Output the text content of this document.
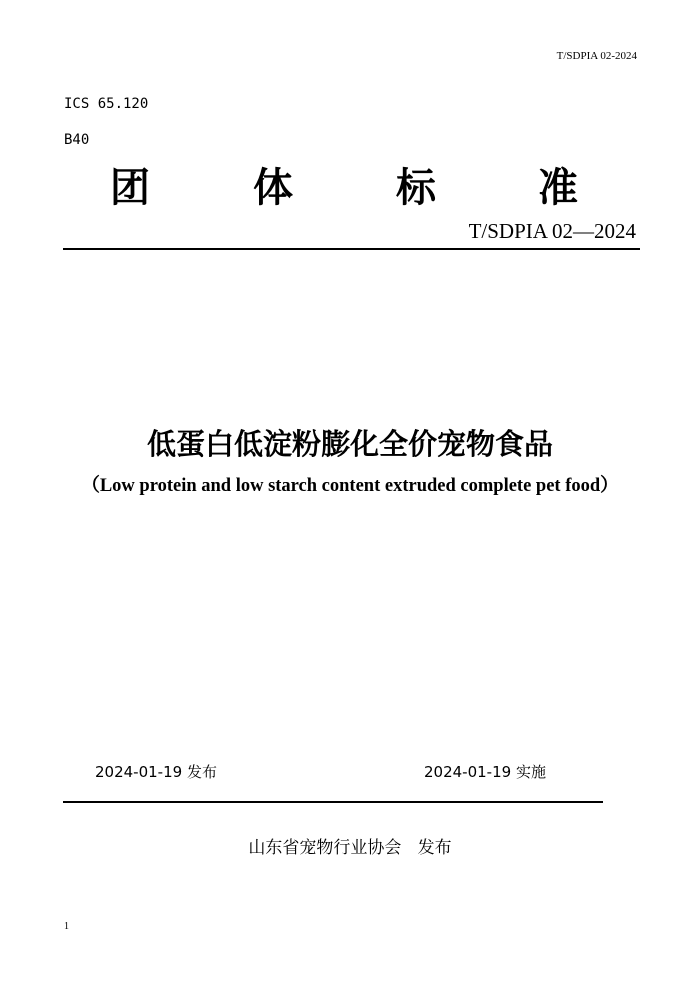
T/SDPIA 02-2024
ICS 65.120
B40
团	体	标	准
T/SDPIA 02—2024
低蛋白低淀粉膨化全价宠物食品
（Low protein and low starch content extruded complete pet food）
2024-01-19 发布	2024-01-19 实施
山东省宠物行业协会   发布
1
